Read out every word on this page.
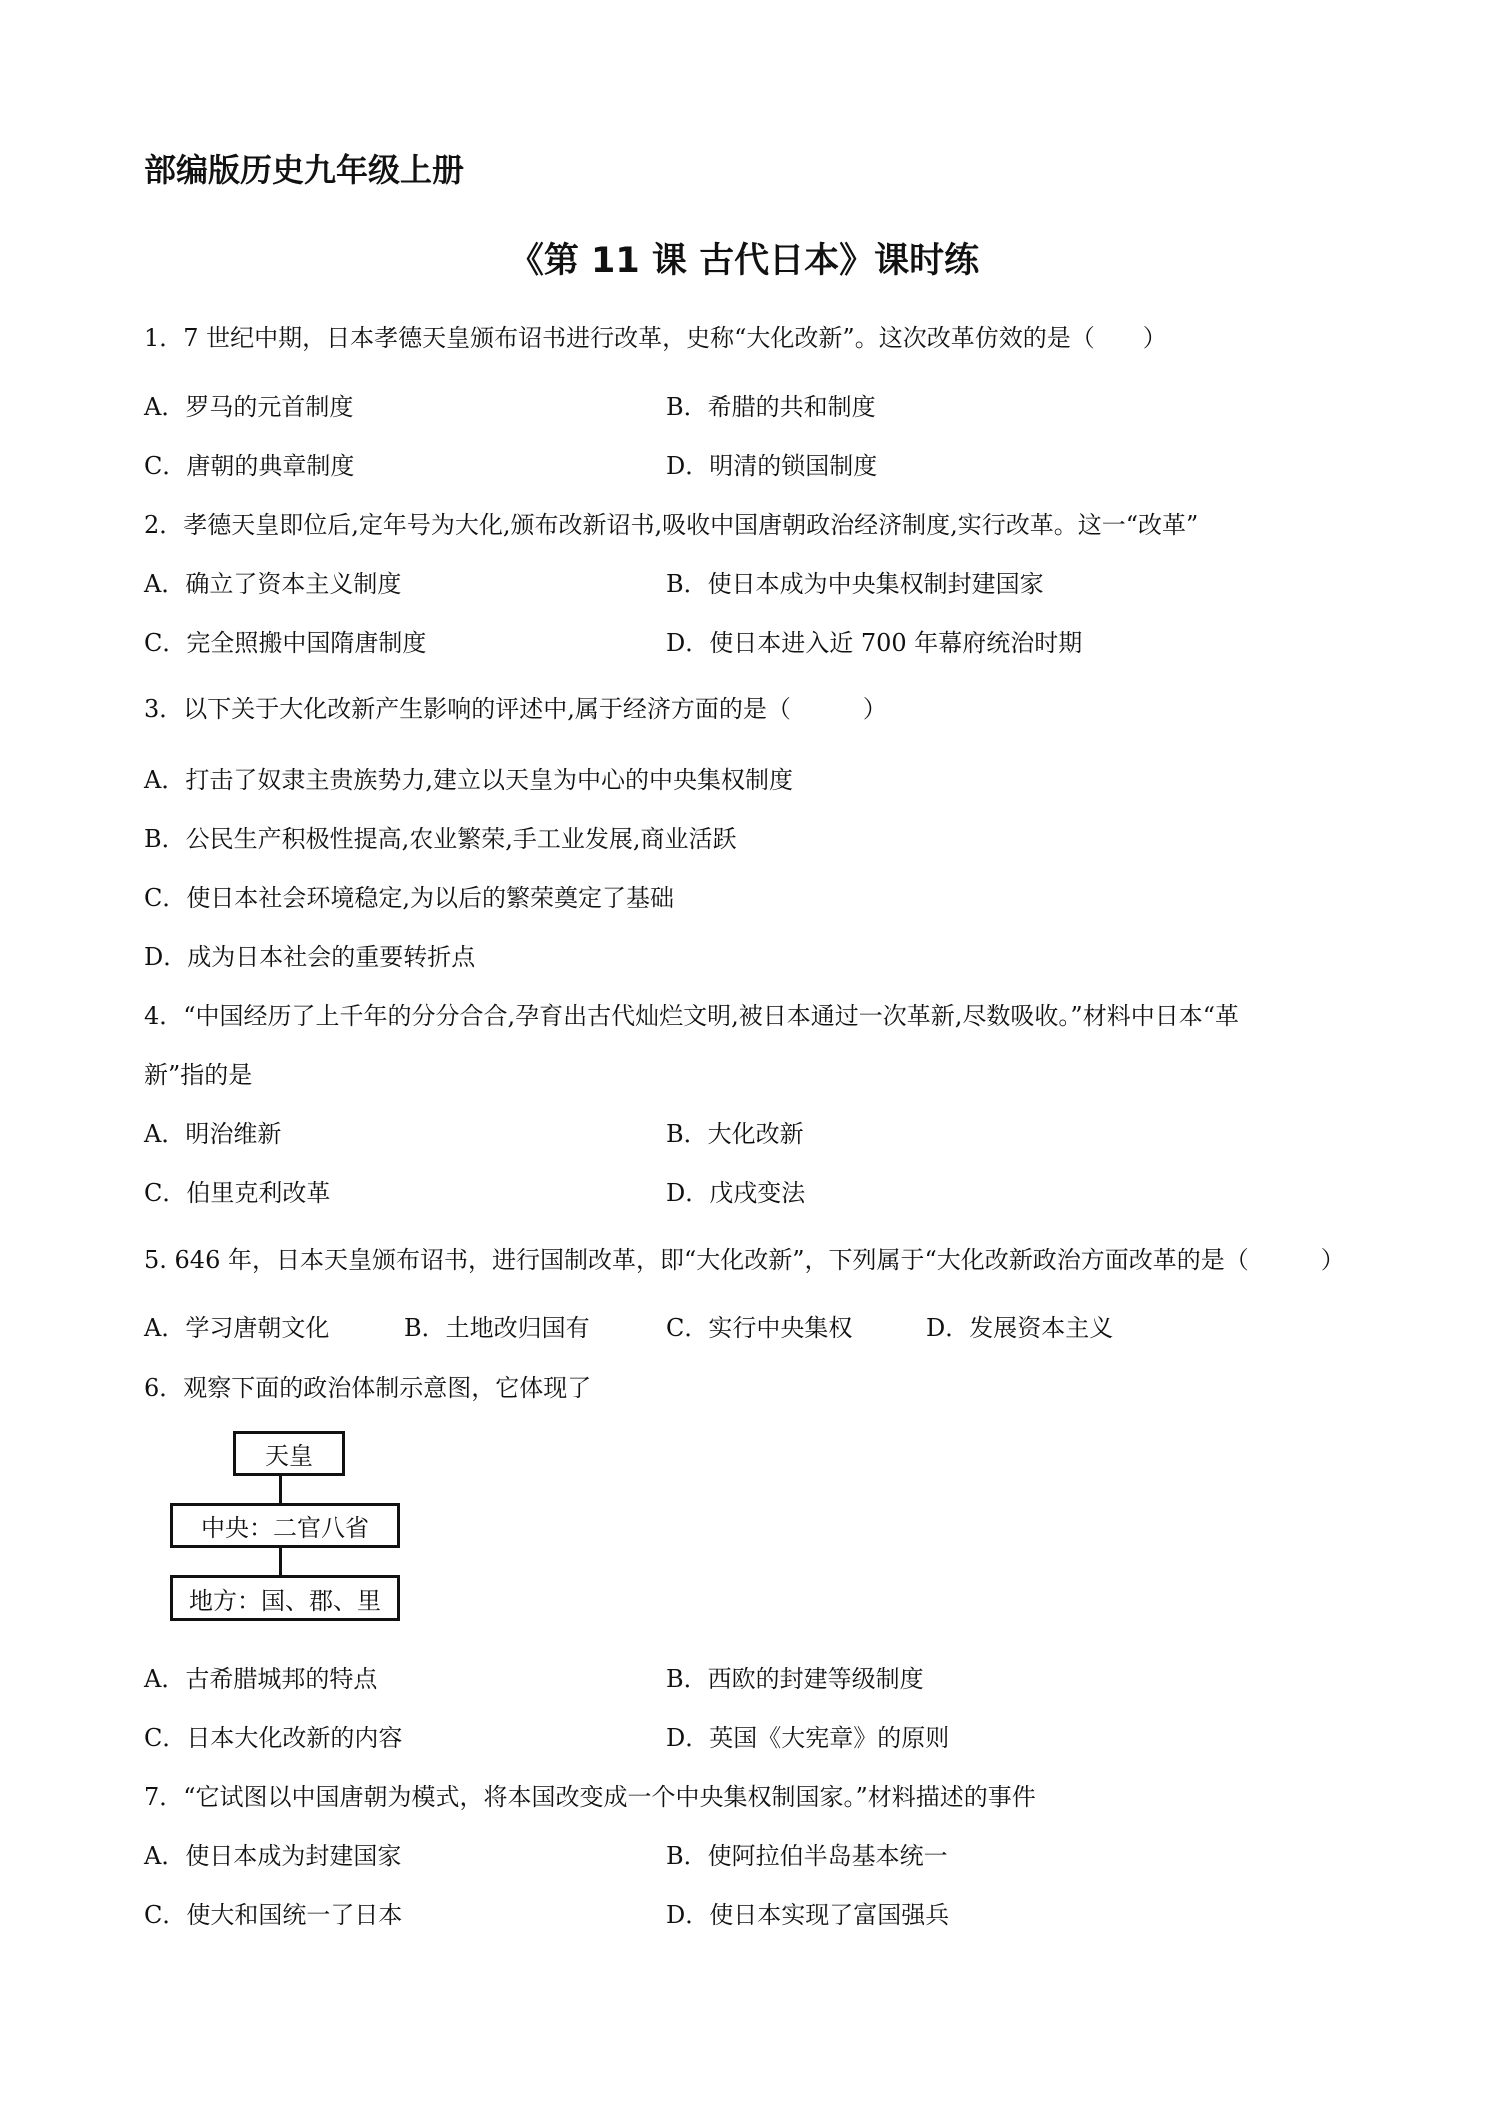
部编版历史九年级上册
《第 11 课 古代日本》课时练
1．7 世纪中期，日本孝德天皇颁布诏书进行改革，史称“大化改新”。这次改革仿效的是（　　）
A．罗马的元首制度	B．希腊的共和制度
C．唐朝的典章制度	D．明清的锁国制度
2．孝德天皇即位后,定年号为大化,颁布改新诏书,吸收中国唐朝政治经济制度,实行改革。这一“改革”
A．确立了资本主义制度	B．使日本成为中央集权制封建国家
C．完全照搬中国隋唐制度	D．使日本进入近 700 年幕府统治时期
3．以下关于大化改新产生影响的评述中,属于经济方面的是（　　　）
A．打击了奴隶主贵族势力,建立以天皇为中心的中央集权制度
B．公民生产积极性提高,农业繁荣,手工业发展,商业活跃
C．使日本社会环境稳定,为以后的繁荣奠定了基础
D．成为日本社会的重要转折点
4．“中国经历了上千年的分分合合,孕育出古代灿烂文明,被日本通过一次革新,尽数吸收。”材料中日本“革
新”指的是
A．明治维新	B．大化改新
C．伯里克利改革	D．戊戌变法
5. 646 年，日本天皇颁布诏书，进行国制改革，即“大化改新”，下列属于“大化改新政治方面改革的是（　　　）
A．学习唐朝文化	B．土地改归国有	C．实行中央集权	D．发展资本主义
6．观察下面的政治体制示意图，它体现了
天皇
中央：二官八省
地方：国、郡、里
A．古希腊城邦的特点	B．西欧的封建等级制度
C．日本大化改新的内容	D．英国《大宪章》的原则
7．“它试图以中国唐朝为模式，将本国改变成一个中央集权制国家。”材料描述的事件
A．使日本成为封建国家	B．使阿拉伯半岛基本统一
C．使大和国统一了日本	D．使日本实现了富国强兵
